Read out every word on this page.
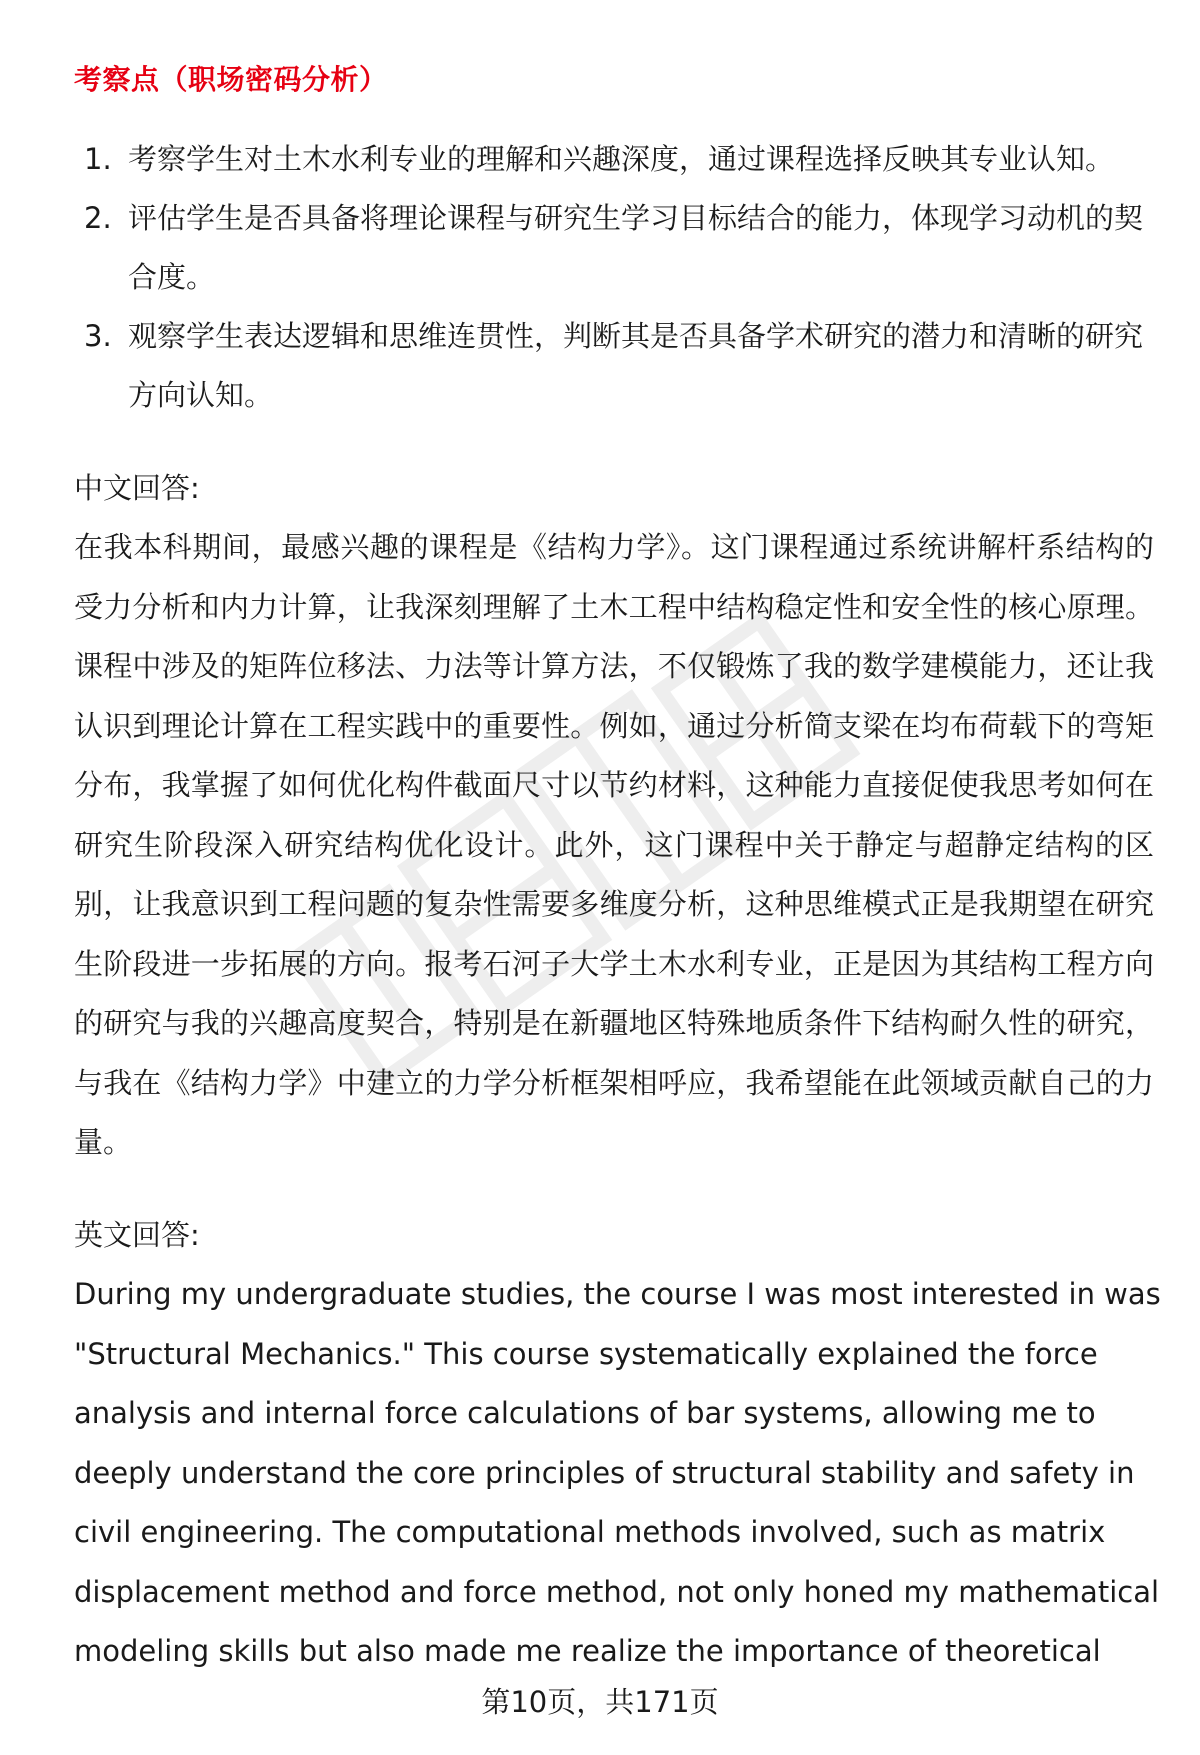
考察点（职场密码分析）
1. 考察学生对土木水利专业的理解和兴趣深度，通过课程选择反映其专业认知。
2. 评估学生是否具备将理论课程与研究生学习目标结合的能力，体现学习动机的契合度。
3. 观察学生表达逻辑和思维连贯性，判断其是否具备学术研究的潜力和清晰的研究方向认知。
中文回答:
在我本科期间，最感兴趣的课程是《结构力学》。这门课程通过系统讲解杆系结构的受力分析和内力计算，让我深刻理解了土木工程中结构稳定性和安全性的核心原理。课程中涉及的矩阵位移法、力法等计算方法，不仅锻炼了我的数学建模能力，还让我认识到理论计算在工程实践中的重要性。例如，通过分析简支梁在均布荷载下的弯矩分布，我掌握了如何优化构件截面尺寸以节约材料，这种能力直接促使我思考如何在研究生阶段深入研究结构优化设计。此外，这门课程中关于静定与超静定结构的区别，让我意识到工程问题的复杂性需要多维度分析，这种思维模式正是我期望在研究生阶段进一步拓展的方向。报考石河子大学土木水利专业，正是因为其结构工程方向的研究与我的兴趣高度契合，特别是在新疆地区特殊地质条件下结构耐久性的研究，与我在《结构力学》中建立的力学分析框架相呼应，我希望能在此领域贡献自己的力量。
英文回答:
During my undergraduate studies, the course I was most interested in was "Structural Mechanics." This course systematically explained the force analysis and internal force calculations of bar systems, allowing me to deeply understand the core principles of structural stability and safety in civil engineering. The computational methods involved, such as matrix displacement method and force method, not only honed my mathematical modeling skills but also made me realize the importance of theoretical
第10页，共171页
